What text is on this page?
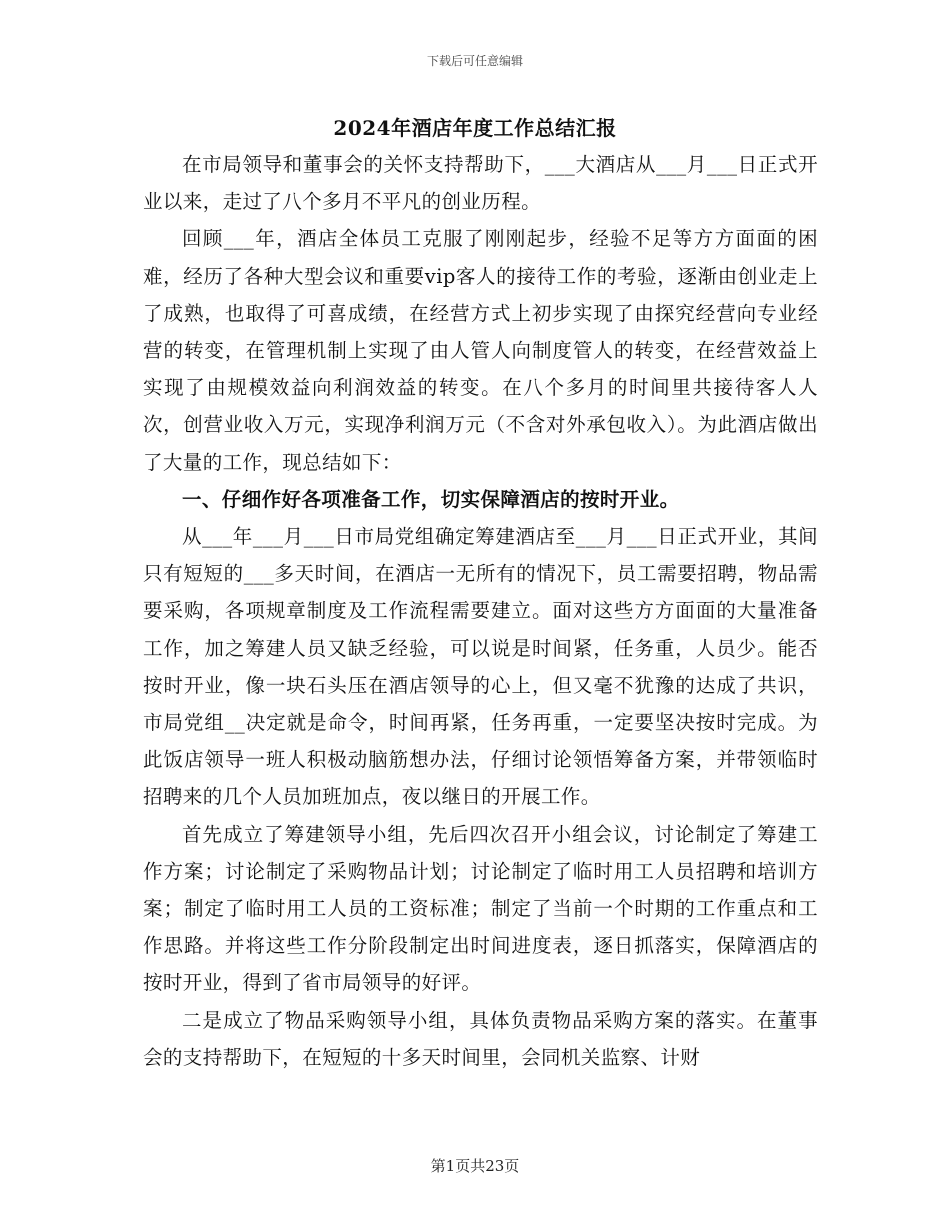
下载后可任意编辑
2024年酒店年度工作总结汇报

在市局领导和董事会的关怀支持帮助下，___大酒店从___月___日正式开业以来，走过了八个多月不平凡的创业历程。

回顾___年，酒店全体员工克服了刚刚起步，经验不足等方方面面的困难，经历了各种大型会议和重要vip客人的接待工作的考验，逐渐由创业走上了成熟，也取得了可喜成绩，在经营方式上初步实现了由探究经营向专业经营的转变，在管理机制上实现了由人管人向制度管人的转变，在经营效益上实现了由规模效益向利润效益的转变。在八个多月的时间里共接待客人人次，创营业收入万元，实现净利润万元（不含对外承包收入）。为此酒店做出了大量的工作，现总结如下：

一、仔细作好各项准备工作，切实保障酒店的按时开业。

从___年___月___日市局党组确定筹建酒店至___月___日正式开业，其间只有短短的___多天时间，在酒店一无所有的情况下，员工需要招聘，物品需要采购，各项规章制度及工作流程需要建立。面对这些方方面面的大量准备工作，加之筹建人员又缺乏经验，可以说是时间紧，任务重，人员少。能否按时开业，像一块石头压在酒店领导的心上，但又毫不犹豫的达成了共识，市局党组__决定就是命令，时间再紧，任务再重，一定要坚决按时完成。为此饭店领导一班人积极动脑筋想办法，仔细讨论领悟筹备方案，并带领临时招聘来的几个人员加班加点，夜以继日的开展工作。

首先成立了筹建领导小组，先后四次召开小组会议，讨论制定了筹建工作方案；讨论制定了采购物品计划；讨论制定了临时用工人员招聘和培训方案；制定了临时用工人员的工资标准；制定了当前一个时期的工作重点和工作思路。并将这些工作分阶段制定出时间进度表，逐日抓落实，保障酒店的按时开业，得到了省市局领导的好评。

二是成立了物品采购领导小组，具体负责物品采购方案的落实。在董事会的支持帮助下，在短短的十多天时间里，会同机关监察、计财

第1页共23页
